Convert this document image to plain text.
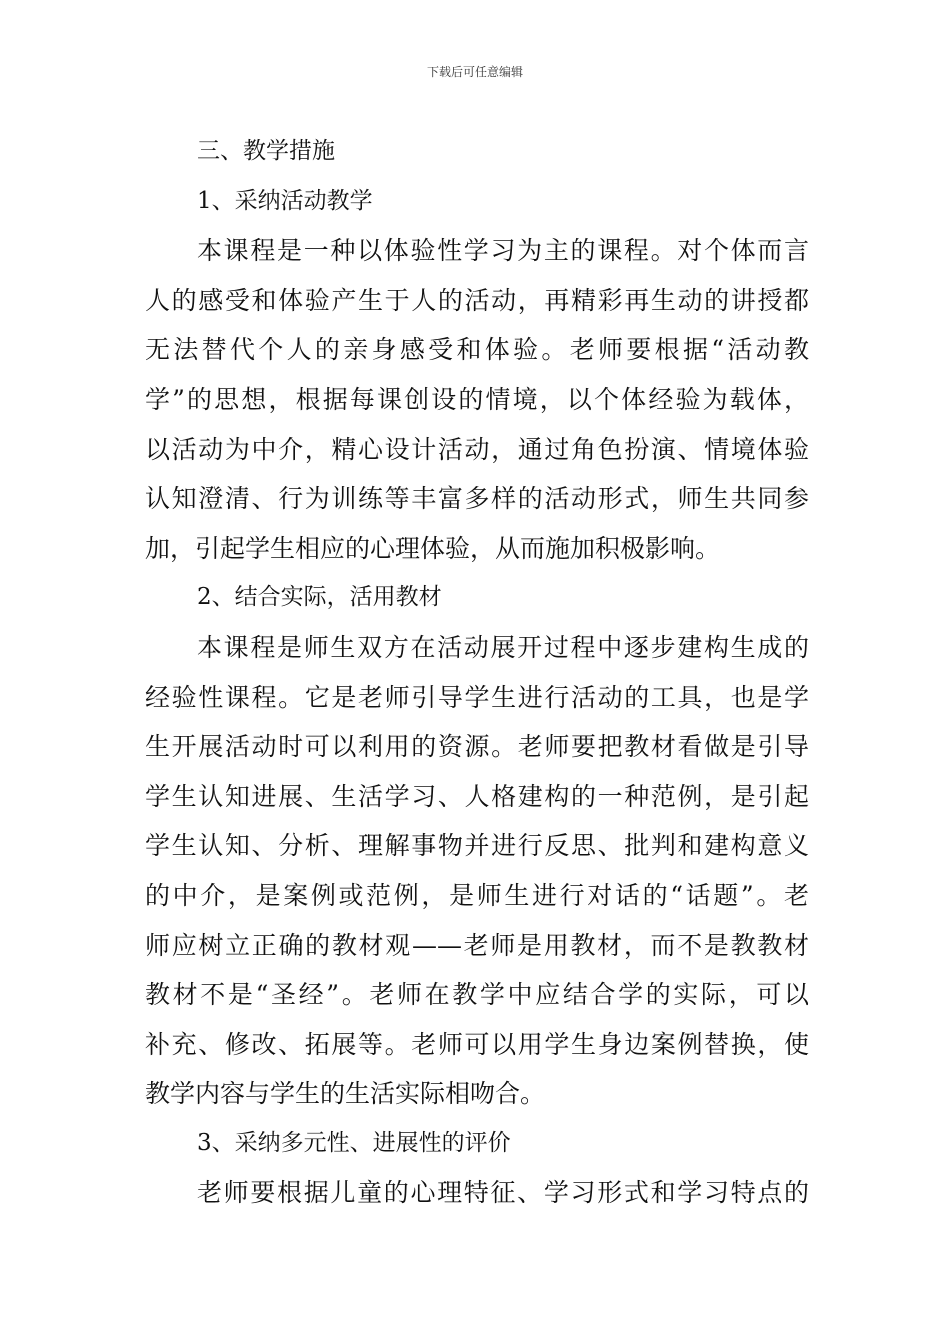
下载后可任意编辑
三、教学措施
1、采纳活动教学
本课程是一种以体验性学习为主的课程。对个体而言
人的感受和体验产生于人的活动，再精彩再生动的讲授都
无法替代个人的亲身感受和体验。老师要根据“活动教
学”的思想，根据每课创设的情境，以个体经验为载体，
以活动为中介，精心设计活动，通过角色扮演、情境体验
认知澄清、行为训练等丰富多样的活动形式，师生共同参
加，引起学生相应的心理体验，从而施加积极影响。
2、结合实际，活用教材
本课程是师生双方在活动展开过程中逐步建构生成的
经验性课程。它是老师引导学生进行活动的工具，也是学
生开展活动时可以利用的资源。老师要把教材看做是引导
学生认知进展、生活学习、人格建构的一种范例，是引起
学生认知、分析、理解事物并进行反思、批判和建构意义
的中介，是案例或范例，是师生进行对话的“话题”。老
师应树立正确的教材观——老师是用教材，而不是教教材
教材不是“圣经”。老师在教学中应结合学的实际，可以
补充、修改、拓展等。老师可以用学生身边案例替换，使
教学内容与学生的生活实际相吻合。
3、采纳多元性、进展性的评价
老师要根据儿童的心理特征、学习形式和学习特点的
